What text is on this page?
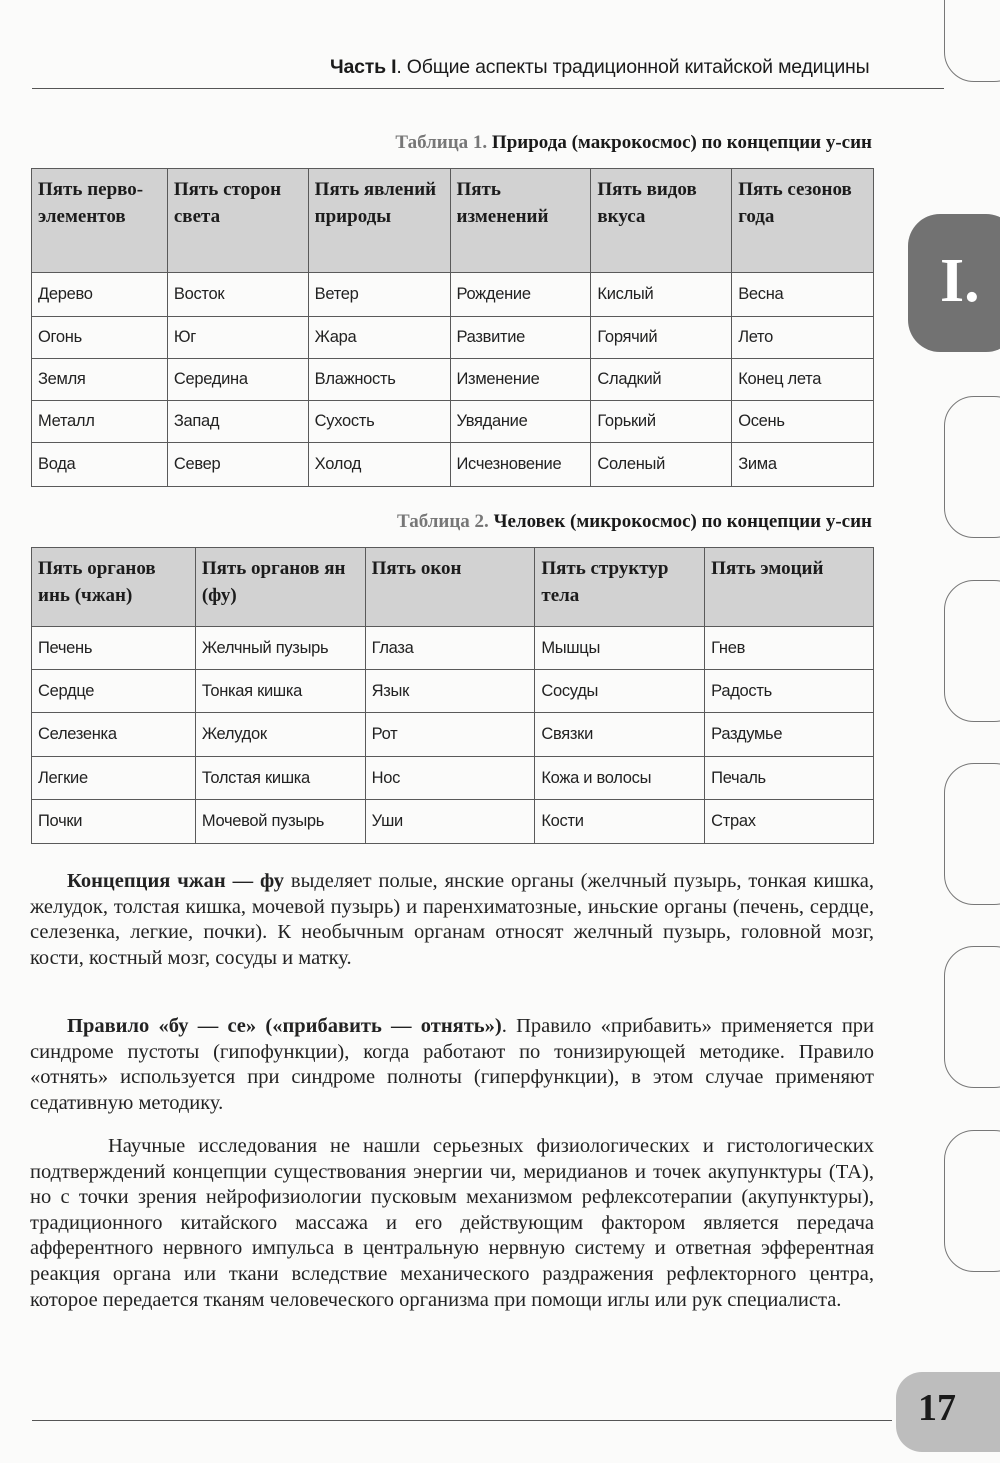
Часть I. Общие аспекты традиционной китайской медицины
I.
Таблица 1. Природа (макрокосмос) по концепции у-син
Пять перво-элементов	Пять сторон света	Пять явлений природы	Пять изменений	Пять видов вкуса	Пять сезонов года
Дерево	Восток	Ветер	Рождение	Кислый	Весна
Огонь	Юг	Жара	Развитие	Горячий	Лето
Земля	Середина	Влажность	Изменение	Сладкий	Конец лета
Металл	Запад	Сухость	Увядание	Горький	Осень
Вода	Север	Холод	Исчезновение	Соленый	Зима
Таблица 2. Человек (микрокосмос) по концепции у-син
Пять органов инь (чжан)	Пять органов ян (фу)	Пять окон	Пять структур тела	Пять эмоций
Печень	Желчный пузырь	Глаза	Мышцы	Гнев
Сердце	Тонкая кишка	Язык	Сосуды	Радость
Селезенка	Желудок	Рот	Связки	Раздумье
Легкие	Толстая кишка	Нос	Кожа и волосы	Печаль
Почки	Мочевой пузырь	Уши	Кости	Страх
Концепция чжан — фу выделяет полые, янские органы (желчный пузырь, тонкая кишка, желудок, толстая кишка, мочевой пузырь) и паренхиматозные, иньские органы (печень, сердце, селезенка, легкие, почки). К необычным органам относят желчный пузырь, головной мозг, кости, костный мозг, сосуды и матку.
Правило «бу — се» («прибавить — отнять»). Правило «прибавить» применяется при синдроме пустоты (гипофункции), когда работают по тонизирующей методике. Правило «отнять» используется при синдроме полноты (гиперфункции), в этом случае применяют седативную методику.
Научные исследования не нашли серьезных физиологических и гистологических подтверждений концепции существования энергии чи, меридианов и точек акупунктуры (ТА), но с точки зрения нейрофизиологии пусковым механизмом рефлексотерапии (акупунктуры), традиционного китайского массажа и его действующим фактором является передача афферентного нервного импульса в центральную нервную систему и ответная эфферентная реакция органа или ткани вследствие механического раздражения рефлекторного центра, которое передается тканям человеческого организма при помощи иглы или рук специалиста.
17
